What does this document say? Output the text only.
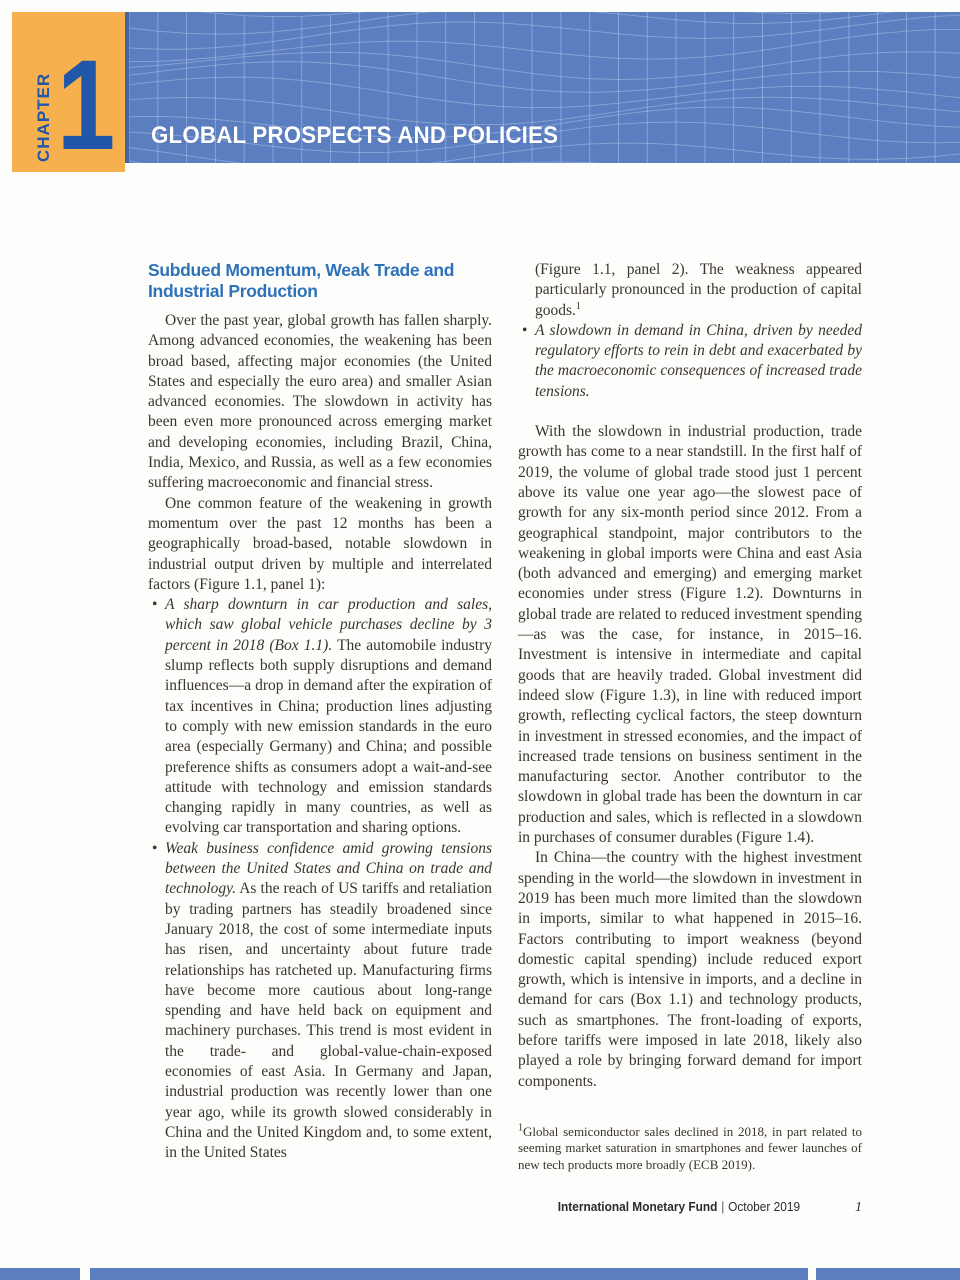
GLOBAL PROSPECTS AND POLICIES
CHAPTER 1
Subdued Momentum, Weak Trade and Industrial Production

Over the past year, global growth has fallen sharply. Among advanced economies, the weakening has been broad based, affecting major economies (the United States and especially the euro area) and smaller Asian advanced economies. The slowdown in activity has been even more pronounced across emerging market and developing economies, including Brazil, China, India, Mexico, and Russia, as well as a few economies suffering macroeconomic and financial stress.

One common feature of the weakening in growth momentum over the past 12 months has been a geographically broad-based, notable slowdown in industrial output driven by multiple and interrelated factors (Figure 1.1, panel 1):

• A sharp downturn in car production and sales, which saw global vehicle purchases decline by 3 percent in 2018 (Box 1.1). The automobile industry slump reflects both supply disruptions and demand influences—a drop in demand after the expiration of tax incentives in China; production lines adjusting to comply with new emission standards in the euro area (especially Germany) and China; and possible preference shifts as consumers adopt a wait-and-see attitude with technology and emission standards changing rapidly in many countries, as well as evolving car transportation and sharing options.
• Weak business confidence amid growing tensions between the United States and China on trade and technology. As the reach of US tariffs and retaliation by trading partners has steadily broadened since January 2018, the cost of some intermediate inputs has risen, and uncertainty about future trade relationships has ratcheted up. Manufacturing firms have become more cautious about long-range spending and have held back on equipment and machinery purchases. This trend is most evident in the trade- and global-value-chain-exposed economies of east Asia. In Germany and Japan, industrial production was recently lower than one year ago, while its growth slowed considerably in China and the United Kingdom and, to some extent, in the United States

(Figure 1.1, panel 2). The weakness appeared particularly pronounced in the production of capital goods.$^1$

• A slowdown in demand in China, driven by needed regulatory efforts to rein in debt and exacerbated by the macroeconomic consequences of increased trade tensions.

With the slowdown in industrial production, trade growth has come to a near standstill. In the first half of 2019, the volume of global trade stood just 1 percent above its value one year ago—the slowest pace of growth for any six-month period since 2012. From a geographical standpoint, major contributors to the weakening in global imports were China and east Asia (both advanced and emerging) and emerging market economies under stress (Figure 1.2). Downturns in global trade are related to reduced investment spending—as was the case, for instance, in 2015–16. Investment is intensive in intermediate and capital goods that are heavily traded. Global investment did indeed slow (Figure 1.3), in line with reduced import growth, reflecting cyclical factors, the steep downturn in investment in stressed economies, and the impact of increased trade tensions on business sentiment in the manufacturing sector. Another contributor to the slowdown in global trade has been the downturn in car production and sales, which is reflected in a slowdown in purchases of consumer durables (Figure 1.4).

In China—the country with the highest investment spending in the world—the slowdown in investment in 2019 has been much more limited than the slowdown in imports, similar to what happened in 2015–16. Factors contributing to import weakness (beyond domestic capital spending) include reduced export growth, which is intensive in imports, and a decline in demand for cars (Box 1.1) and technology products, such as smartphones. The front-loading of exports, before tariffs were imposed in late 2018, likely also played a role by bringing forward demand for import components.

$^1$Global semiconductor sales declined in 2018, in part related to seeming market saturation in smartphones and fewer launches of new tech products more broadly (ECB 2019).
International Monetary Fund | October 2019	1
